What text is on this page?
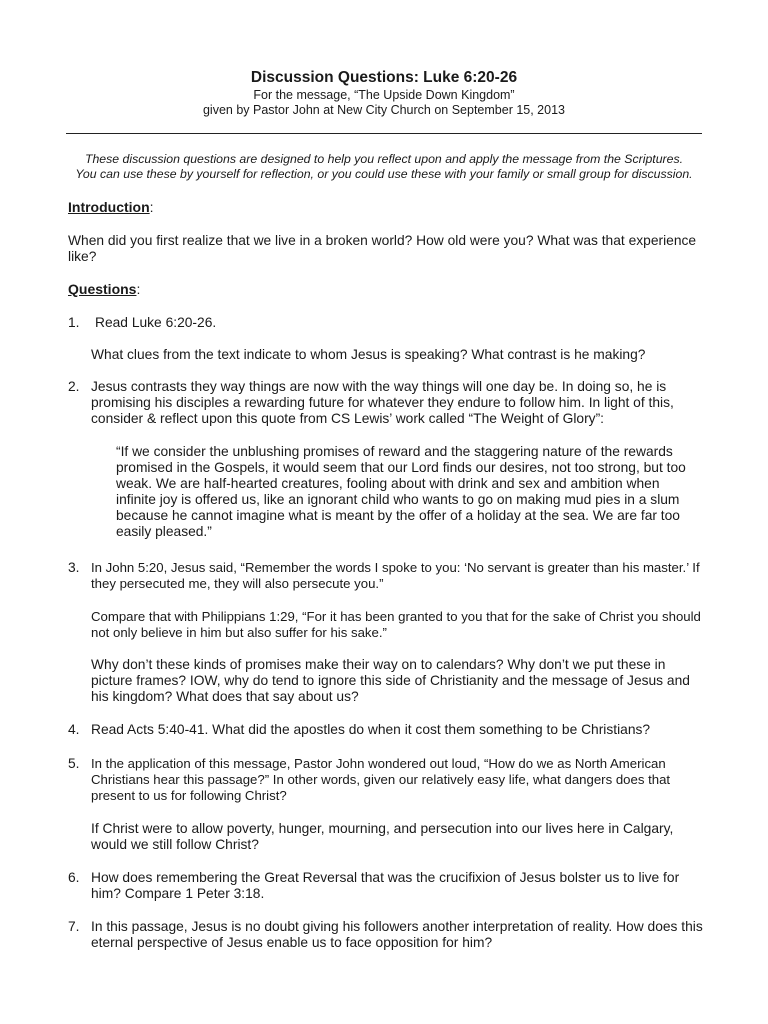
Discussion Questions: Luke 6:20-26
For the message, “The Upside Down Kingdom”
given by Pastor John at New City Church on September 15, 2013
These discussion questions are designed to help you reflect upon and apply the message from the Scriptures.
You can use these by yourself for reflection, or you could use these with your family or small group for discussion.
Introduction:
When did you first realize that we live in a broken world? How old were you? What was that experience like?
Questions:
1. Read Luke 6:20-26.
What clues from the text indicate to whom Jesus is speaking? What contrast is he making?
2. Jesus contrasts they way things are now with the way things will one day be. In doing so, he is promising his disciples a rewarding future for whatever they endure to follow him. In light of this, consider & reflect upon this quote from CS Lewis’ work called “The Weight of Glory”:
“If we consider the unblushing promises of reward and the staggering nature of the rewards promised in the Gospels, it would seem that our Lord finds our desires, not too strong, but too weak. We are half-hearted creatures, fooling about with drink and sex and ambition when infinite joy is offered us, like an ignorant child who wants to go on making mud pies in a slum because he cannot imagine what is meant by the offer of a holiday at the sea. We are far too easily pleased.”
3. In John 5:20, Jesus said, “Remember the words I spoke to you: ‘No servant is greater than his master.’ If they persecuted me, they will also persecute you.”
Compare that with Philippians 1:29, “For it has been granted to you that for the sake of Christ you should not only believe in him but also suffer for his sake.”
Why don’t these kinds of promises make their way on to calendars? Why don’t we put these in picture frames? IOW, why do tend to ignore this side of Christianity and the message of Jesus and his kingdom? What does that say about us?
4. Read Acts 5:40-41. What did the apostles do when it cost them something to be Christians?
5. In the application of this message, Pastor John wondered out loud, “How do we as North American Christians hear this passage?” In other words, given our relatively easy life, what dangers does that present to us for following Christ?
If Christ were to allow poverty, hunger, mourning, and persecution into our lives here in Calgary, would we still follow Christ?
6. How does remembering the Great Reversal that was the crucifixion of Jesus bolster us to live for him? Compare 1 Peter 3:18.
7. In this passage, Jesus is no doubt giving his followers another interpretation of reality. How does this eternal perspective of Jesus enable us to face opposition for him?
